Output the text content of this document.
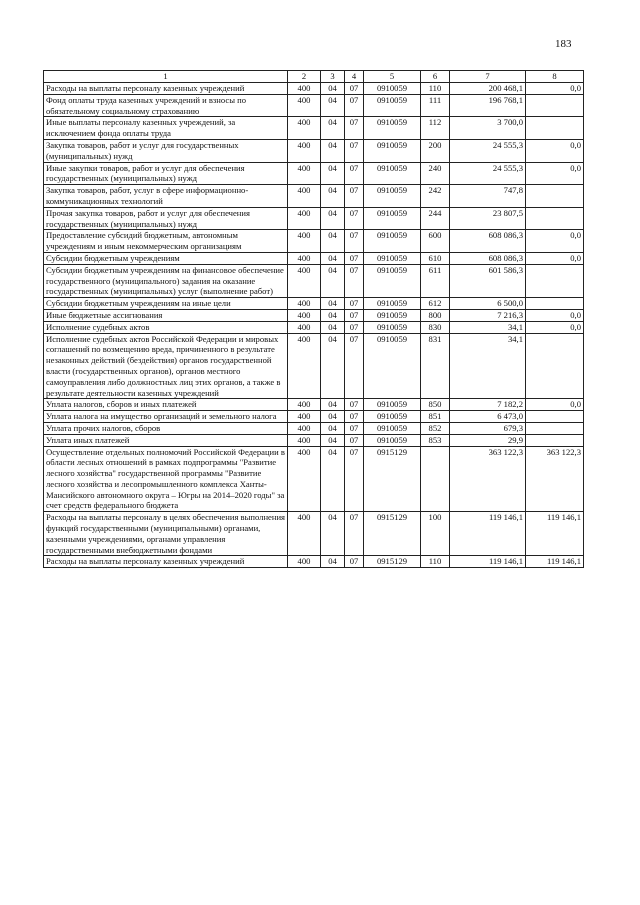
183
1	2	3	4	5	6	7	8
Расходы на выплаты персоналу казенных учреждений	400	04	07	0910059	110	200 468,1	0,0
Фонд оплаты труда казенных учреждений и взносы по обязательному социальному страхованию	400	04	07	0910059	111	196 768,1	
Иные выплаты персоналу казенных учреждений, за исключением фонда оплаты труда	400	04	07	0910059	112	3 700,0	
Закупка товаров, работ и услуг для государственных (муниципальных) нужд	400	04	07	0910059	200	24 555,3	0,0
Иные закупки товаров, работ и услуг для обеспечения государственных (муниципальных) нужд	400	04	07	0910059	240	24 555,3	0,0
Закупка товаров, работ, услуг в сфере информационно-коммуникационных технологий	400	04	07	0910059	242	747,8	
Прочая закупка товаров, работ и услуг для обеспечения государственных (муниципальных) нужд	400	04	07	0910059	244	23 807,5	
Предоставление субсидий бюджетным, автономным учреждениям и иным некоммерческим организациям	400	04	07	0910059	600	608 086,3	0,0
Субсидии бюджетным учреждениям	400	04	07	0910059	610	608 086,3	0,0
Субсидии бюджетным учреждениям на финансовое обеспечение государственного (муниципального) задания на оказание государственных (муниципальных) услуг (выполнение работ)	400	04	07	0910059	611	601 586,3	
Субсидии бюджетным учреждениям на иные цели	400	04	07	0910059	612	6 500,0	
Иные бюджетные ассигнования	400	04	07	0910059	800	7 216,3	0,0
Исполнение судебных актов	400	04	07	0910059	830	34,1	0,0
Исполнение судебных актов Российской Федерации и мировых соглашений по возмещению вреда, причиненного в результате незаконных действий (бездействия) органов государственной власти (государственных органов), органов местного самоуправления либо должностных лиц этих органов, а также в результате деятельности казенных учреждений	400	04	07	0910059	831	34,1	
Уплата налогов, сборов и иных платежей	400	04	07	0910059	850	7 182,2	0,0
Уплата налога на имущество организаций и земельного налога	400	04	07	0910059	851	6 473,0	
Уплата прочих налогов, сборов	400	04	07	0910059	852	679,3	
Уплата иных платежей	400	04	07	0910059	853	29,9	
Осуществление отдельных полномочий Российской Федерации в области лесных отношений в рамках подпрограммы "Развитие лесного хозяйства" государственной программы "Развитие лесного хозяйства и лесопромышленного комплекса Ханты-Мансийского автономного округа – Югры на 2014–2020 годы" за счет средств федерального бюджета	400	04	07	0915129		363 122,3	363 122,3
Расходы на выплаты персоналу в целях обеспечения выполнения функций государственными (муниципальными) органами, казенными учреждениями, органами управления государственными внебюджетными фондами	400	04	07	0915129	100	119 146,1	119 146,1
Расходы на выплаты персоналу казенных учреждений	400	04	07	0915129	110	119 146,1	119 146,1
